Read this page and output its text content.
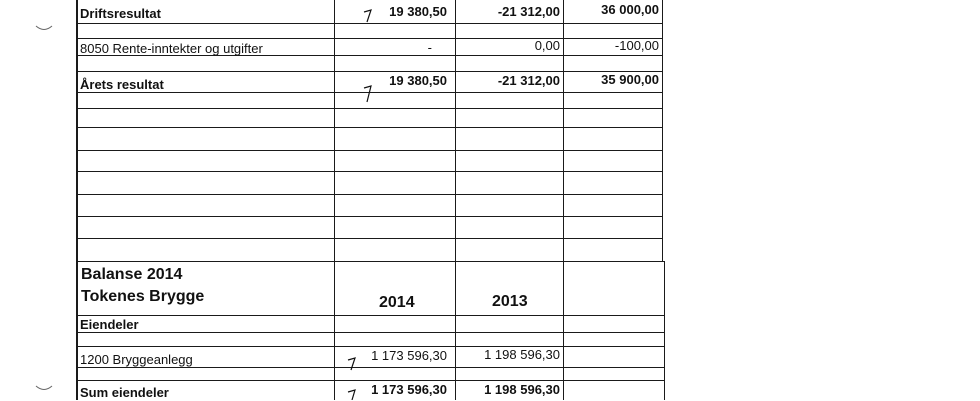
Driftsresultat	19 380,50	-21 312,00	36 000,00
8050 Rente-inntekter og utgifter	-	0,00	-100,00
Årets resultat	19 380,50	-21 312,00	35 900,00
Balanse 2014
Tokenes Brygge	2014	2013
Eiendeler
1200 Bryggeanlegg	1 173 596,30	1 198 596,30
Sum eiendeler	1 173 596,30	1 198 596,30
